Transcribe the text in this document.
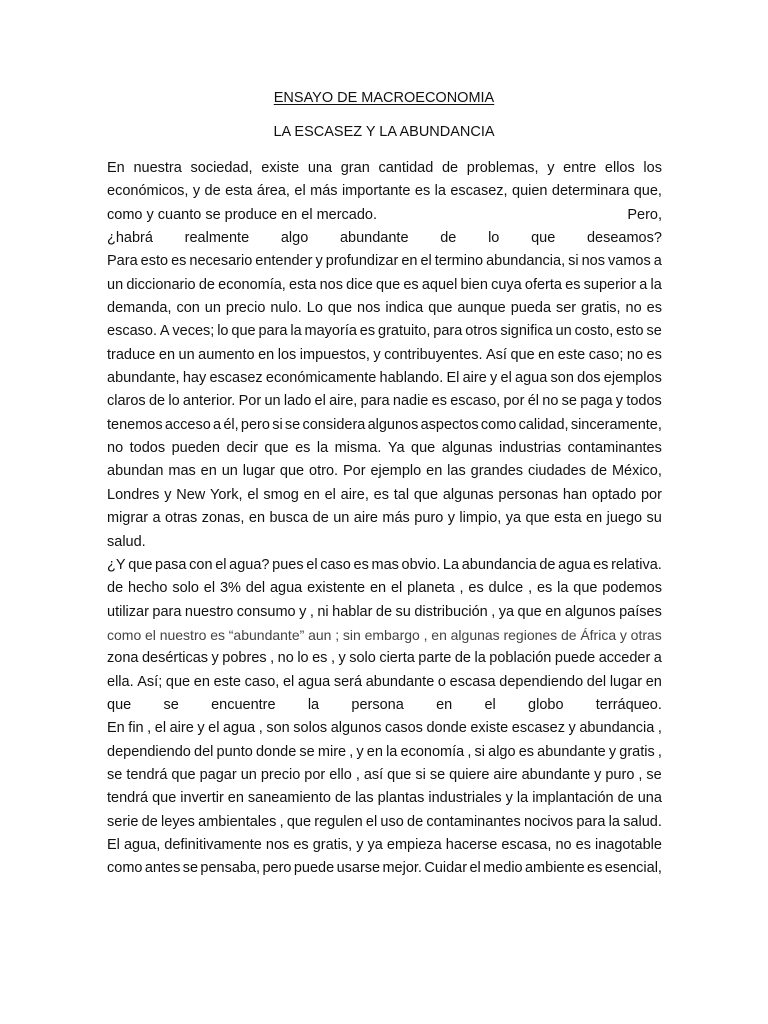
ENSAYO DE MACROECONOMIA
LA ESCASEZ Y LA ABUNDANCIA
En nuestra sociedad, existe una gran cantidad de problemas, y entre ellos los
económicos, y de esta área, el más importante es la escasez, quien determinara que,
como y cuanto se produce en el mercado.	Pero,
¿habrá realmente algo abundante de lo que deseamos?
Para esto es necesario entender y profundizar en el termino abundancia, si nos vamos a
un diccionario de economía, esta nos dice que es aquel bien cuya oferta es superior a la
demanda, con un precio nulo. Lo que nos indica que aunque pueda ser gratis, no es
escaso. A veces; lo que para la mayoría es gratuito, para otros significa un costo, esto se
traduce en un aumento en los impuestos, y contribuyentes. Así que en este caso; no es
abundante, hay escasez económicamente hablando. El aire y el agua son dos ejemplos
claros de lo anterior. Por un lado el aire, para nadie es escaso, por él no se paga y todos
tenemos acceso a él, pero si se considera algunos aspectos como calidad, sinceramente,
no todos pueden decir que es la misma. Ya que algunas industrias contaminantes
abundan mas en un lugar que otro. Por ejemplo en las grandes ciudades de México,
Londres y New York, el smog en el aire, es tal que algunas personas han optado por
migrar a otras zonas, en busca de un aire más puro y limpio, ya que esta en juego su
salud.
¿Y que pasa con el agua? pues el caso es mas obvio. La abundancia de agua es relativa.
de hecho solo el 3% del agua existente en el planeta , es dulce , es la que podemos
utilizar para nuestro consumo y , ni hablar de su distribución , ya que en algunos países
como el nuestro es “abundante” aun ; sin embargo , en algunas regiones de África y otras
zona desérticas y pobres , no lo es , y solo cierta parte de la población puede acceder a
ella. Así; que en este caso, el agua será abundante o escasa dependiendo del lugar en
que se encuentre la persona en el globo terráqueo.
En fin , el aire y el agua , son solos algunos casos donde existe escasez y abundancia ,
dependiendo del punto donde se mire , y en la economía , si algo es abundante y gratis ,
se tendrá que pagar un precio por ello , así que si se quiere aire abundante y puro , se
tendrá que invertir en saneamiento de las plantas industriales y la implantación de una
serie de leyes ambientales , que regulen el uso de contaminantes nocivos para la salud.
El agua, definitivamente nos es gratis, y ya empieza hacerse escasa, no es inagotable
como antes se pensaba, pero puede usarse mejor. Cuidar el medio ambiente es esencial,
